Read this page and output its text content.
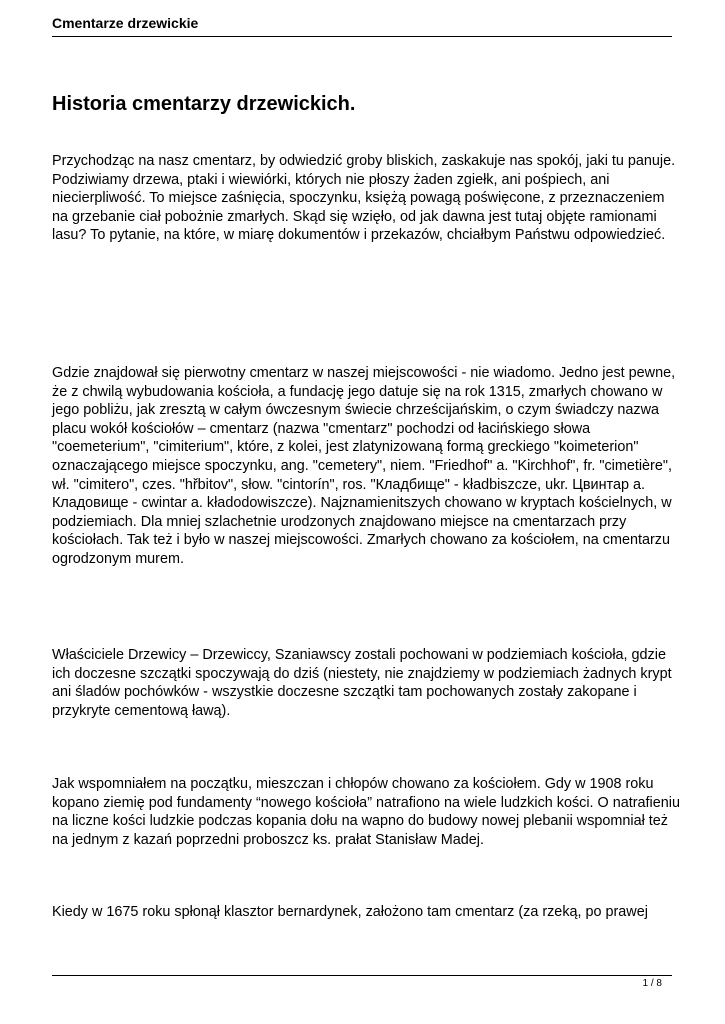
Cmentarze drzewickie
Historia cmentarzy drzewickich.

Przychodząc na nasz cmentarz, by odwiedzić groby bliskich, zaskakuje nas spokój, jaki tu panuje. Podziwiamy drzewa, ptaki i wiewiórki, których nie płoszy żaden zgiełk, ani pośpiech, ani niecierpliwość. To miejsce zaśnięcia, spoczynku, księżą powagą poświęcone, z przeznaczeniem na grzebanie ciał pobożnie zmarłych. Skąd się wzięło, od jak dawna jest tutaj objęte ramionami lasu? To pytanie, na które, w miarę dokumentów i przekazów, chciałbym Państwu odpowiedzieć.

Gdzie znajdował się pierwotny cmentarz w naszej miejscowości - nie wiadomo. Jedno jest pewne, że z chwilą wybudowania kościoła, a fundację jego datuje się na rok 1315, zmarłych chowano w jego pobliżu, jak zresztą w całym ówczesnym świecie chrześcijańskim, o czym świadczy nazwa placu wokół kościołów – cmentarz (nazwa "cmentarz" pochodzi od łacińskiego słowa "coemeterium", "cimiterium", które, z kolei, jest zlatynizowaną formą greckiego "koimeterion" oznaczającego miejsce spoczynku, ang. "cemetery", niem. "Friedhof" a. "Kirchhof", fr. "cimetière", wł. "cimitero", czes. "hřbitov", słow. "cintorín", ros. "Кладбище" - kładbiszcze, ukr. Цвинтар a. Кладовище - cwintar a. kładodowiszcze). Najznamienitszych chowano w kryptach kościelnych, w podziemiach. Dla mniej szlachetnie urodzonych znajdowano miejsce na cmentarzach przy kościołach. Tak też i było w naszej miejscowości. Zmarłych chowano za kościołem, na cmentarzu ogrodzonym murem.

Właściciele Drzewicy – Drzewiccy, Szaniawscy zostali pochowani w podziemiach kościoła, gdzie ich doczesne szczątki spoczywają do dziś (niestety, nie znajdziemy w podziemiach żadnych krypt ani śladów pochówków - wszystkie doczesne szczątki tam pochowanych zostały zakopane i przykryte cementową ławą).

Jak wspomniałem na początku, mieszczan i chłopów chowano za kościołem. Gdy w 1908 roku kopano ziemię pod fundamenty “nowego kościoła” natrafiono na wiele ludzkich kości. O natrafieniu na liczne kości ludzkie podczas kopania dołu na wapno do budowy nowej plebanii wspomniał też na jednym z kazań poprzedni proboszcz ks. prałat Stanisław Madej.

Kiedy w 1675 roku spłonął klasztor bernardynek, założono tam cmentarz (za rzeką, po prawej

1 / 8
